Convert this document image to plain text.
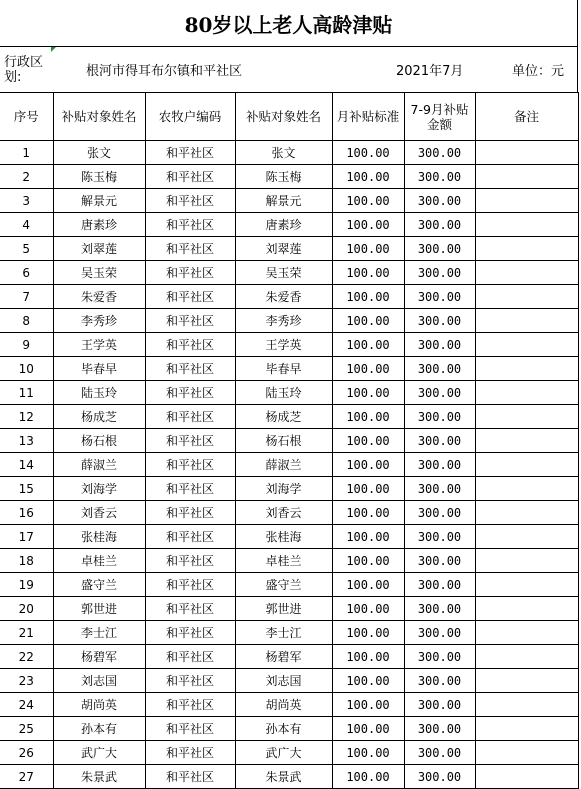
80岁以上老人高龄津贴
行政区划:	根河市得耳布尔镇和平社区	2021年7月	单位：元
序号	补贴对象姓名	农牧户编码	补贴对象姓名	月补贴标准	7-9月补贴金额	备注
1	张文	和平社区	张文	100.00	300.00	
2	陈玉梅	和平社区	陈玉梅	100.00	300.00	
3	解景元	和平社区	解景元	100.00	300.00	
4	唐素珍	和平社区	唐素珍	100.00	300.00	
5	刘翠莲	和平社区	刘翠莲	100.00	300.00	
6	吴玉荣	和平社区	吴玉荣	100.00	300.00	
7	朱爱香	和平社区	朱爱香	100.00	300.00	
8	李秀珍	和平社区	李秀珍	100.00	300.00	
9	王学英	和平社区	王学英	100.00	300.00	
10	毕春早	和平社区	毕春早	100.00	300.00	
11	陆玉玲	和平社区	陆玉玲	100.00	300.00	
12	杨成芝	和平社区	杨成芝	100.00	300.00	
13	杨石根	和平社区	杨石根	100.00	300.00	
14	薛淑兰	和平社区	薛淑兰	100.00	300.00	
15	刘海学	和平社区	刘海学	100.00	300.00	
16	刘香云	和平社区	刘香云	100.00	300.00	
17	张桂海	和平社区	张桂海	100.00	300.00	
18	卓桂兰	和平社区	卓桂兰	100.00	300.00	
19	盛守兰	和平社区	盛守兰	100.00	300.00	
20	郭世进	和平社区	郭世进	100.00	300.00	
21	李士江	和平社区	李士江	100.00	300.00	
22	杨碧军	和平社区	杨碧军	100.00	300.00	
23	刘志国	和平社区	刘志国	100.00	300.00	
24	胡尚英	和平社区	胡尚英	100.00	300.00	
25	孙本有	和平社区	孙本有	100.00	300.00	
26	武广大	和平社区	武广大	100.00	300.00	
27	朱景武	和平社区	朱景武	100.00	300.00	
